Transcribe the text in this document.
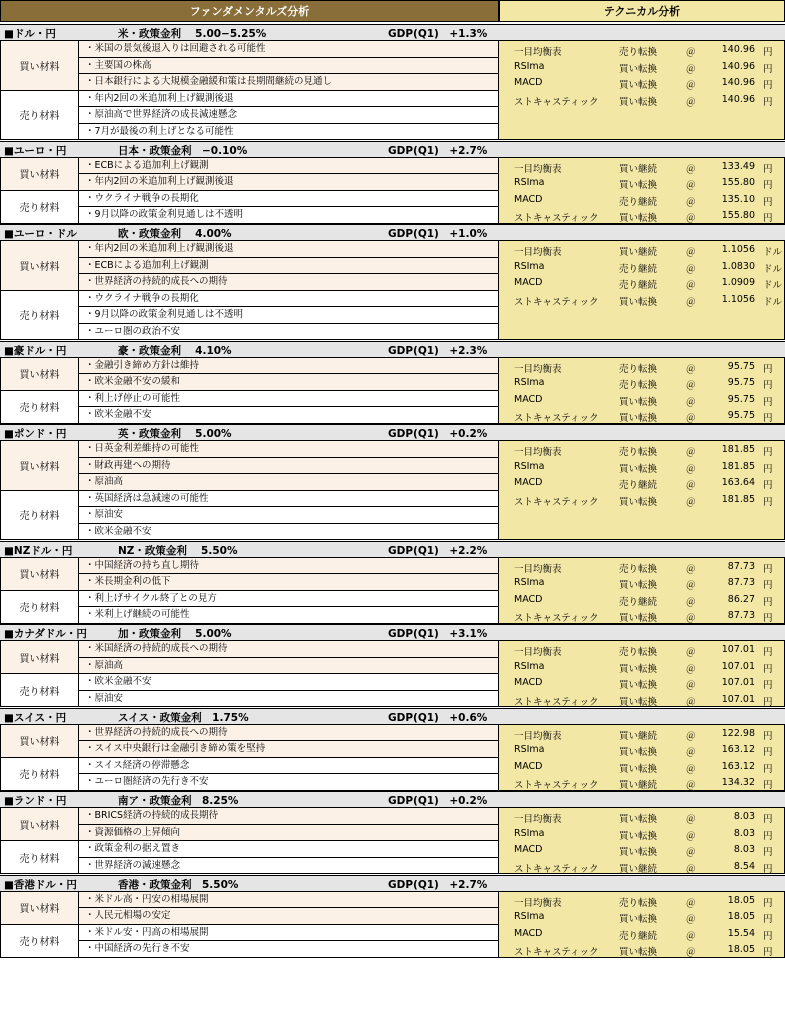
ファンダメンタルズ分析	テクニカル分析
■ドル・円	米・政策金利　 5.00−5.25%	GDP(Q1)　+1.3%
買い材料
・米国の景気後退入りは回避される可能性
・主要国の株高
・日本銀行による大規模金融緩和策は長期間継続の見通し
売り材料
・年内2回の米追加利上げ観測後退
・原油高で世界経済の成長減速懸念
・7月が最後の利上げとなる可能性
一目均衡表	売り転換	＠	140.96 円
RSIma	買い転換	＠	140.96 円
MACD	買い転換	＠	140.96 円
ストキャスティック 買い転換	＠	140.96 円
■ユーロ・円	日本・政策金利　−0.10%	GDP(Q1)　+2.7%
買い材料
・ECBによる追加利上げ観測
・年内2回の米追加利上げ観測後退
売り材料
・ウクライナ戦争の長期化
・9月以降の政策金利見通しは不透明
一目均衡表	買い継続	＠	133.49 円
RSIma	買い転換	＠	155.80 円
MACD	売り継続	＠	135.10 円
ストキャスティック 買い転換	＠	155.80 円
■ユーロ・ドル	欧・政策金利　 4.00%	GDP(Q1)　+1.0%
買い材料
・年内2回の米追加利上げ観測後退
・ECBによる追加利上げ観測
・世界経済の持続的成長への期待
売り材料
・ウクライナ戦争の長期化
・9月以降の政策金利見通しは不透明
・ユーロ圏の政治不安
一目均衡表	買い継続	＠	1.1056 ドル
RSIma	売り継続	＠	1.0830 ドル
MACD	売り継続	＠	1.0909 ドル
ストキャスティック 買い転換	＠	1.1056 ドル
■豪ドル・円	豪・政策金利　 4.10%	GDP(Q1)　+2.3%
買い材料
・金融引き締め方針は維持
・欧米金融不安の緩和
売り材料
・利上げ停止の可能性
・欧米金融不安
一目均衡表	売り転換	＠	95.75 円
RSIma	売り転換	＠	95.75 円
MACD	買い転換	＠	95.75 円
ストキャスティック 買い転換	＠	95.75 円
■ポンド・円	英・政策金利　 5.00%	GDP(Q1)　+0.2%
買い材料
・日英金利差維持の可能性
・財政再建への期待
・原油高
売り材料
・英国経済は急減速の可能性
・原油安
・欧米金融不安
一目均衡表	売り転換	＠	181.85 円
RSIma	買い転換	＠	181.85 円
MACD	売り継続	＠	163.64 円
ストキャスティック 買い転換	＠	181.85 円
■NZドル・円	NZ・政策金利　 5.50%	GDP(Q1)　+2.2%
買い材料
・中国経済の持ち直し期待
・米長期金利の低下
売り材料
・利上げサイクル終了との見方
・米利上げ継続の可能性
一目均衡表	売り転換	＠	87.73 円
RSIma	買い転換	＠	87.73 円
MACD	売り継続	＠	86.27 円
ストキャスティック 買い転換	＠	87.73 円
■カナダドル・円	加・政策金利　 5.00%	GDP(Q1)　+3.1%
買い材料
・米国経済の持続的成長への期待
・原油高
売り材料
・欧米金融不安
・原油安
一目均衡表	売り転換	＠	107.01 円
RSIma	買い転換	＠	107.01 円
MACD	買い転換	＠	107.01 円
ストキャスティック 買い転換	＠	107.01 円
■スイス・円	スイス・政策金利　1.75%	GDP(Q1)　+0.6%
買い材料
・世界経済の持続的成長への期待
・スイス中央銀行は金融引き締め策を堅持
売り材料
・スイス経済の停滞懸念
・ユーロ圏経済の先行き不安
一目均衡表	買い継続	＠	122.98 円
RSIma	買い転換	＠	163.12 円
MACD	買い転換	＠	163.12 円
ストキャスティック 買い継続	＠	134.32 円
■ランド・円	南ア・政策金利　8.25%	GDP(Q1)　+0.2%
買い材料
・BRICS経済の持続的成長期待
・資源価格の上昇傾向
売り材料
・政策金利の据え置き
・世界経済の減速懸念
一目均衡表	買い転換	＠	8.03 円
RSIma	買い転換	＠	8.03 円
MACD	買い転換	＠	8.03 円
ストキャスティック 買い継続	＠	8.54 円
■香港ドル・円	香港・政策金利　5.50%	GDP(Q1)　+2.7%
買い材料
・米ドル高・円安の相場展開
・人民元相場の安定
売り材料
・米ドル安・円高の相場展開
・中国経済の先行き不安
一目均衡表	売り転換	＠	18.05 円
RSIma	買い転換	＠	18.05 円
MACD	売り継続	＠	15.54 円
ストキャスティック 買い転換	＠	18.05 円
